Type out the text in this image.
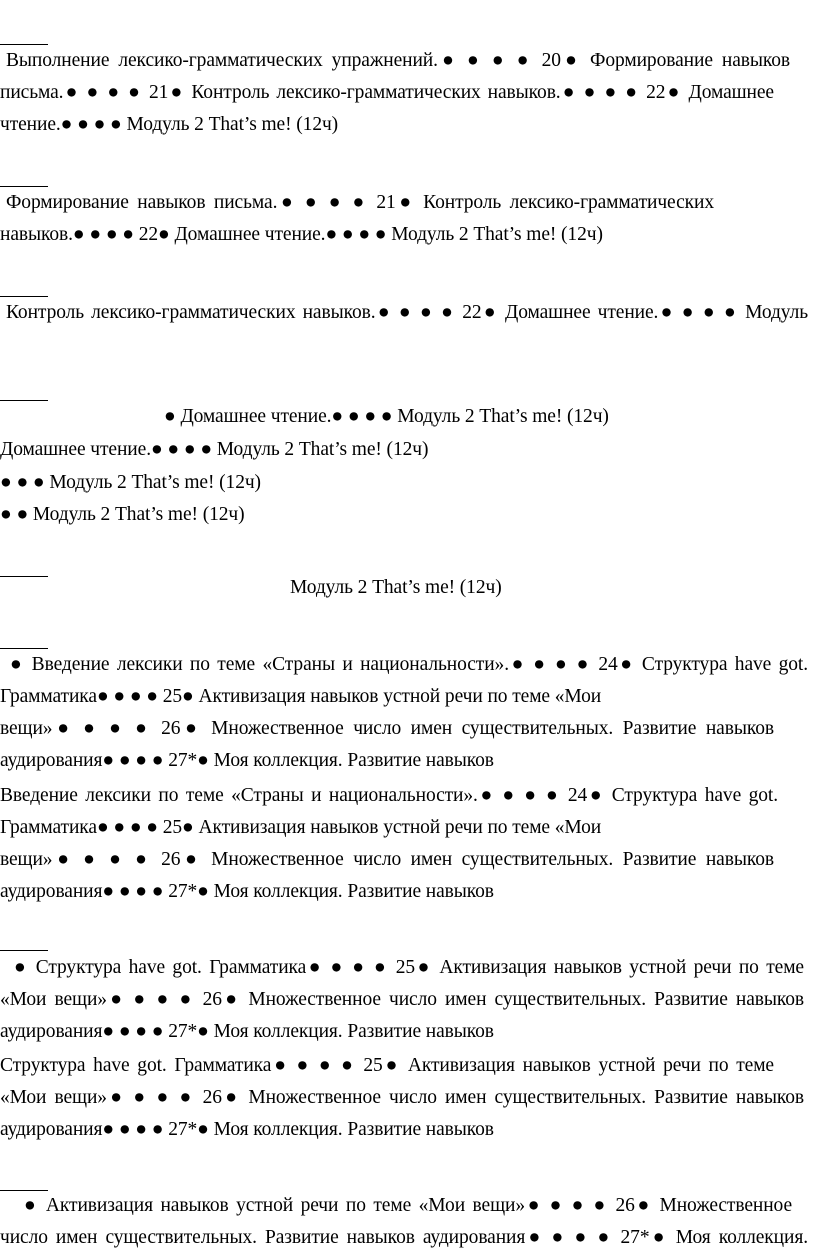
Выполнение лексико-грамматических упражнений.● ● ● ● 20● Формирование навыков
письма.● ● ● ● 21● Контроль лексико-грамматических навыков.● ● ● ● 22● Домашнее
чтение.● ● ● ● Модуль 2 That’s me! (12ч)
Формирование навыков письма.● ● ● ● 21● Контроль лексико-грамматических
навыков.● ● ● ● 22● Домашнее чтение.● ● ● ● Модуль 2 That’s me! (12ч)
Контроль лексико-грамматических навыков.● ● ● ● 22● Домашнее чтение.● ● ● ● Модуль
● Домашнее чтение.● ● ● ● Модуль 2 That’s me! (12ч)
Домашнее чтение.● ● ● ● Модуль 2 That’s me! (12ч)
● ● ● Модуль 2 That’s me! (12ч)
● ● Модуль 2 That’s me! (12ч)
Модуль 2 That’s me! (12ч)
● Введение лексики по теме «Страны и национальности».● ● ● ● 24● Структура have got.
Грамматика● ● ● ● 25● Активизация навыков устной речи по теме «Мои
вещи»● ● ● ● 26● Множественное число имен существительных. Развитие навыков
аудирования● ● ● ● 27*● Моя коллекция. Развитие навыков
Введение лексики по теме «Страны и национальности».● ● ● ● 24● Структура have got.
Грамматика● ● ● ● 25● Активизация навыков устной речи по теме «Мои
вещи»● ● ● ● 26● Множественное число имен существительных. Развитие навыков
аудирования● ● ● ● 27*● Моя коллекция. Развитие навыков
● Структура have got. Грамматика● ● ● ● 25● Активизация навыков устной речи по теме
«Мои вещи»● ● ● ● 26● Множественное число имен существительных. Развитие навыков
аудирования● ● ● ● 27*● Моя коллекция. Развитие навыков
Структура have got. Грамматика● ● ● ● 25● Активизация навыков устной речи по теме
«Мои вещи»● ● ● ● 26● Множественное число имен существительных. Развитие навыков
аудирования● ● ● ● 27*● Моя коллекция. Развитие навыков
● Активизация навыков устной речи по теме «Мои вещи»● ● ● ● 26● Множественное
число имен существительных. Развитие навыков аудирования● ● ● ● 27*● Моя коллекция.
